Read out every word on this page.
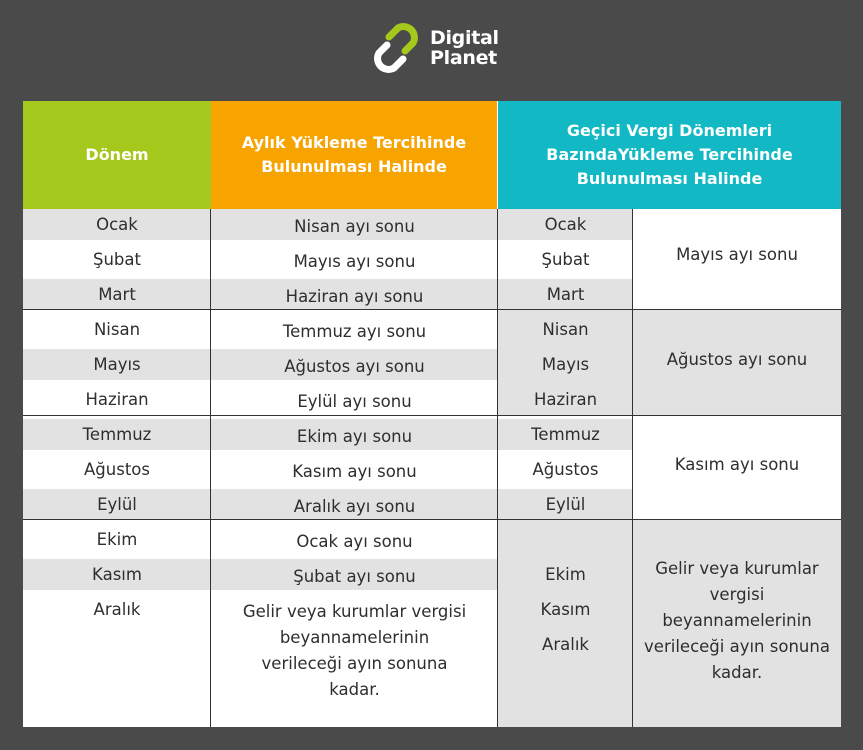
Digital
Planet
Dönem
Aylık Yükleme Tercihinde Bulunulması Halinde
Geçici Vergi Dönemleri BazındaYükleme Tercihinde Bulunulması Halinde
Ocak
Şubat
Mart
Nisan
Mayıs
Haziran
Temmuz
Ağustos
Eylül
Ekim
Kasım
Aralık
Nisan ayı sonu
Mayıs ayı sonu
Haziran ayı sonu
Temmuz ayı sonu
Ağustos ayı sonu
Eylül ayı sonu
Ekim ayı sonu
Kasım ayı sonu
Aralık ayı sonu
Ocak ayı sonu
Şubat ayı sonu
Gelir veya kurumlar vergisi beyannamelerinin verileceği ayın sonuna kadar.
Ocak
Şubat
Mart
Nisan
Mayıs
Haziran
Temmuz
Ağustos
Eylül
Ekim
Kasım
Aralık
Mayıs ayı sonu
Ağustos ayı sonu
Kasım ayı sonu
Gelir veya kurumlar vergisi beyannamelerinin verileceği ayın sonuna kadar.
